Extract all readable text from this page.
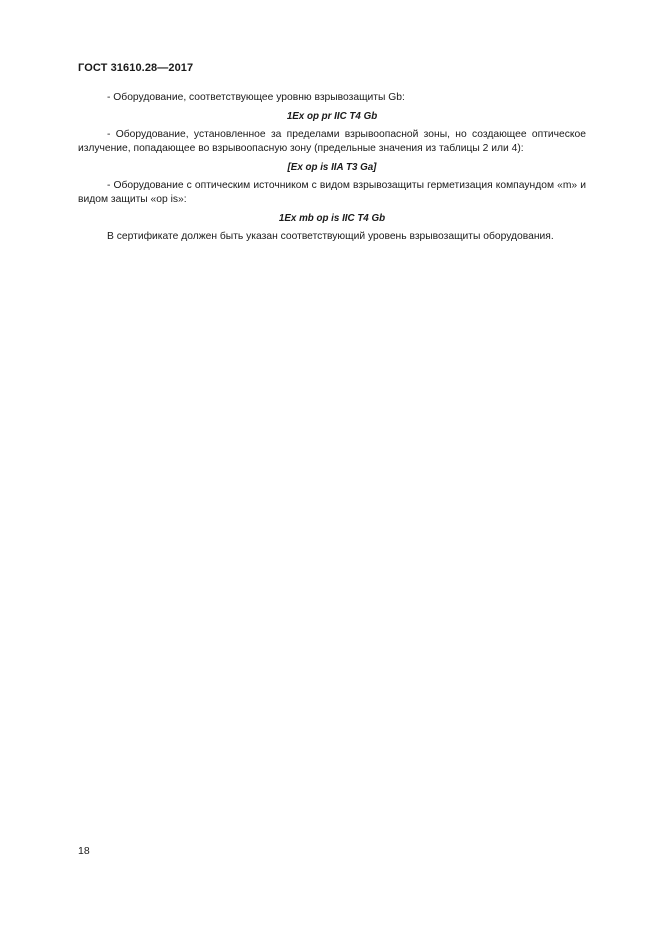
ГОСТ 31610.28—2017

- Оборудование, соответствующее уровню взрывозащиты Gb:

1Ex op pr IIC T4 Gb

- Оборудование, установленное за пределами взрывоопасной зоны, но создающее оптическое излучение, попадающее во взрывоопасную зону (предельные значения из таблицы 2 или 4):

[Ex op is IIA T3 Ga]

- Оборудование с оптическим источником с видом взрывозащиты герметизация компаундом «m» и видом защиты «op is»:

1Ex mb op is IIC T4 Gb

В сертификате должен быть указан соответствующий уровень взрывозащиты оборудования.

18
